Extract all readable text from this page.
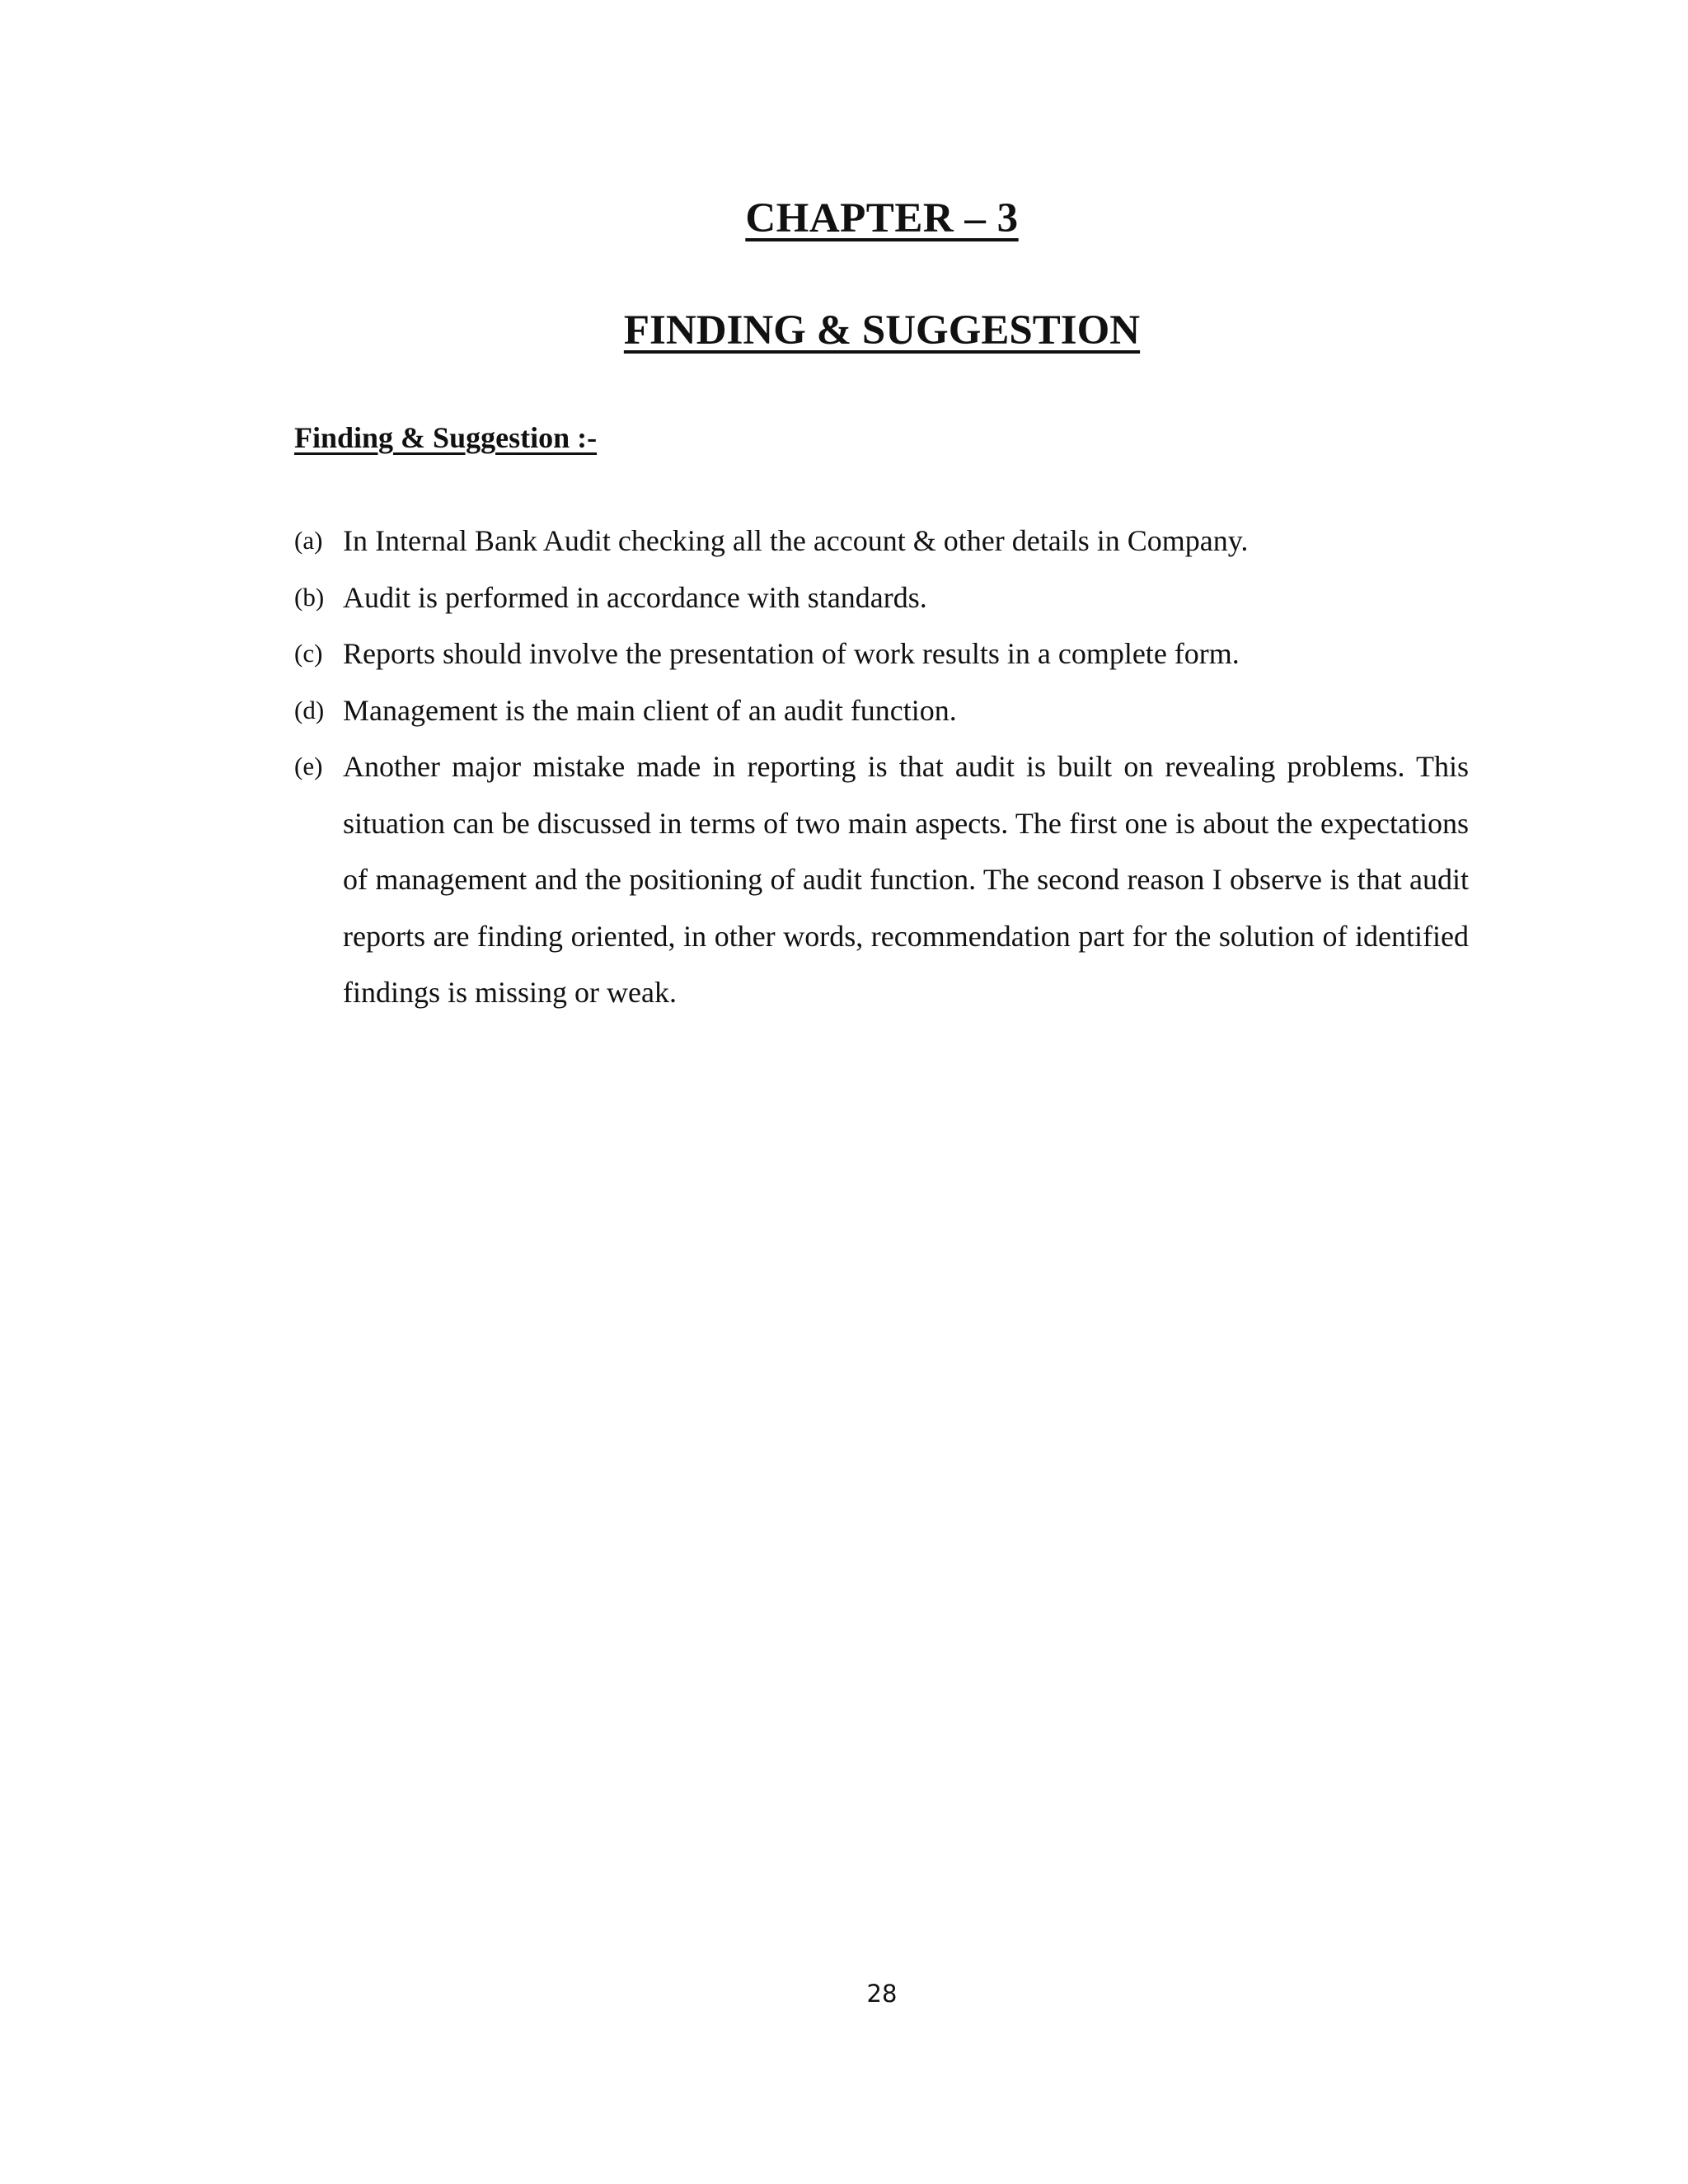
CHAPTER – 3
FINDING & SUGGESTION
Finding & Suggestion :-
(a) In Internal Bank Audit checking all the account & other details in Company.
(b) Audit is performed in accordance with standards.
(c) Reports should involve the presentation of work results in a complete form.
(d) Management is the main client of an audit function.
(e) Another major mistake made in reporting is that audit is built on revealing problems. This situation can be discussed in terms of two main aspects. The first one is about the expectations of management and the positioning of audit function. The second reason I observe is that audit reports are finding oriented, in other words, recommendation part for the solution of identified findings is missing or weak.
28
